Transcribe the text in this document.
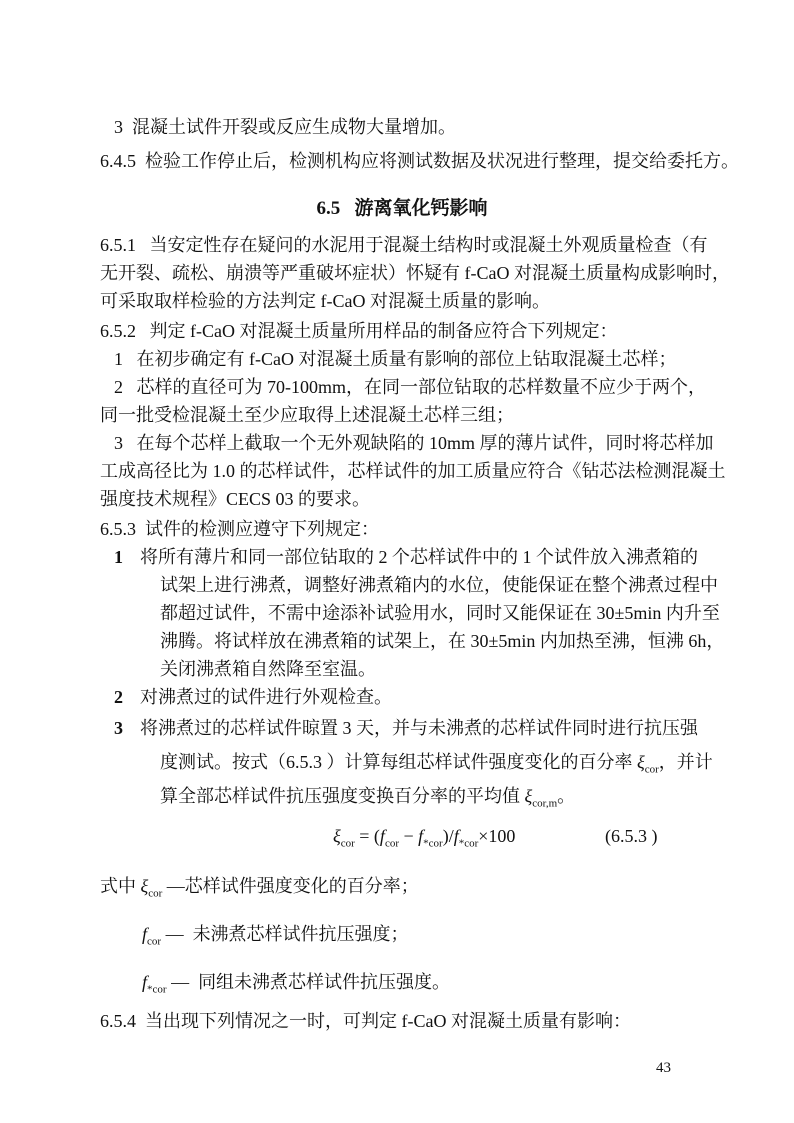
3  混凝土试件开裂或反应生成物大量增加。
6.4.5  检验工作停止后，检测机构应将测试数据及状况进行整理，提交给委托方。
6.5   游离氧化钙影响
6.5.1   当安定性存在疑问的水泥用于混凝土结构时或混凝土外观质量检查（有
无开裂、疏松、崩溃等严重破坏症状）怀疑有 f-CaO 对混凝土质量构成影响时，
可采取取样检验的方法判定 f-CaO 对混凝土质量的影响。
6.5.2   判定 f-CaO 对混凝土质量所用样品的制备应符合下列规定：
1   在初步确定有 f-CaO 对混凝土质量有影响的部位上钻取混凝土芯样；
2   芯样的直径可为 70-100mm，在同一部位钻取的芯样数量不应少于两个，
同一批受检混凝土至少应取得上述混凝土芯样三组；
3   在每个芯样上截取一个无外观缺陷的 10mm 厚的薄片试件，同时将芯样加
工成高径比为 1.0 的芯样试件，芯样试件的加工质量应符合《钻芯法检测混凝土
强度技术规程》CECS 03 的要求。
6.5.3  试件的检测应遵守下列规定：
1 将所有薄片和同一部位钻取的 2 个芯样试件中的 1 个试件放入沸煮箱的
试架上进行沸煮，调整好沸煮箱内的水位，使能保证在整个沸煮过程中
都超过试件，不需中途添补试验用水，同时又能保证在 30±5min 内升至
沸腾。将试样放在沸煮箱的试架上，在 30±5min 内加热至沸，恒沸 6h，
关闭沸煮箱自然降至室温。
2 对沸煮过的试件进行外观检查。
3 将沸煮过的芯样试件晾置 3 天，并与未沸煮的芯样试件同时进行抗压强
度测试。按式（6.5.3 ）计算每组芯样试件强度变化的百分率 $\xi_{cor}$，并计
算全部芯样试件抗压强度变换百分率的平均值 $\xi_{cor,m}$。

$\xi_{cor} = (f_{cor} - f_{*cor})/f_{*cor}\times 100$

	(6.5.3 )

式中 $\xi_{cor}$ —芯样试件强度变化的百分率；
$f_{cor}$ —  未沸煮芯样试件抗压强度；
$f_{*cor}$ —  同组未沸煮芯样试件抗压强度。
6.5.4  当出现下列情况之一时，可判定 f-CaO 对混凝土质量有影响：
43
